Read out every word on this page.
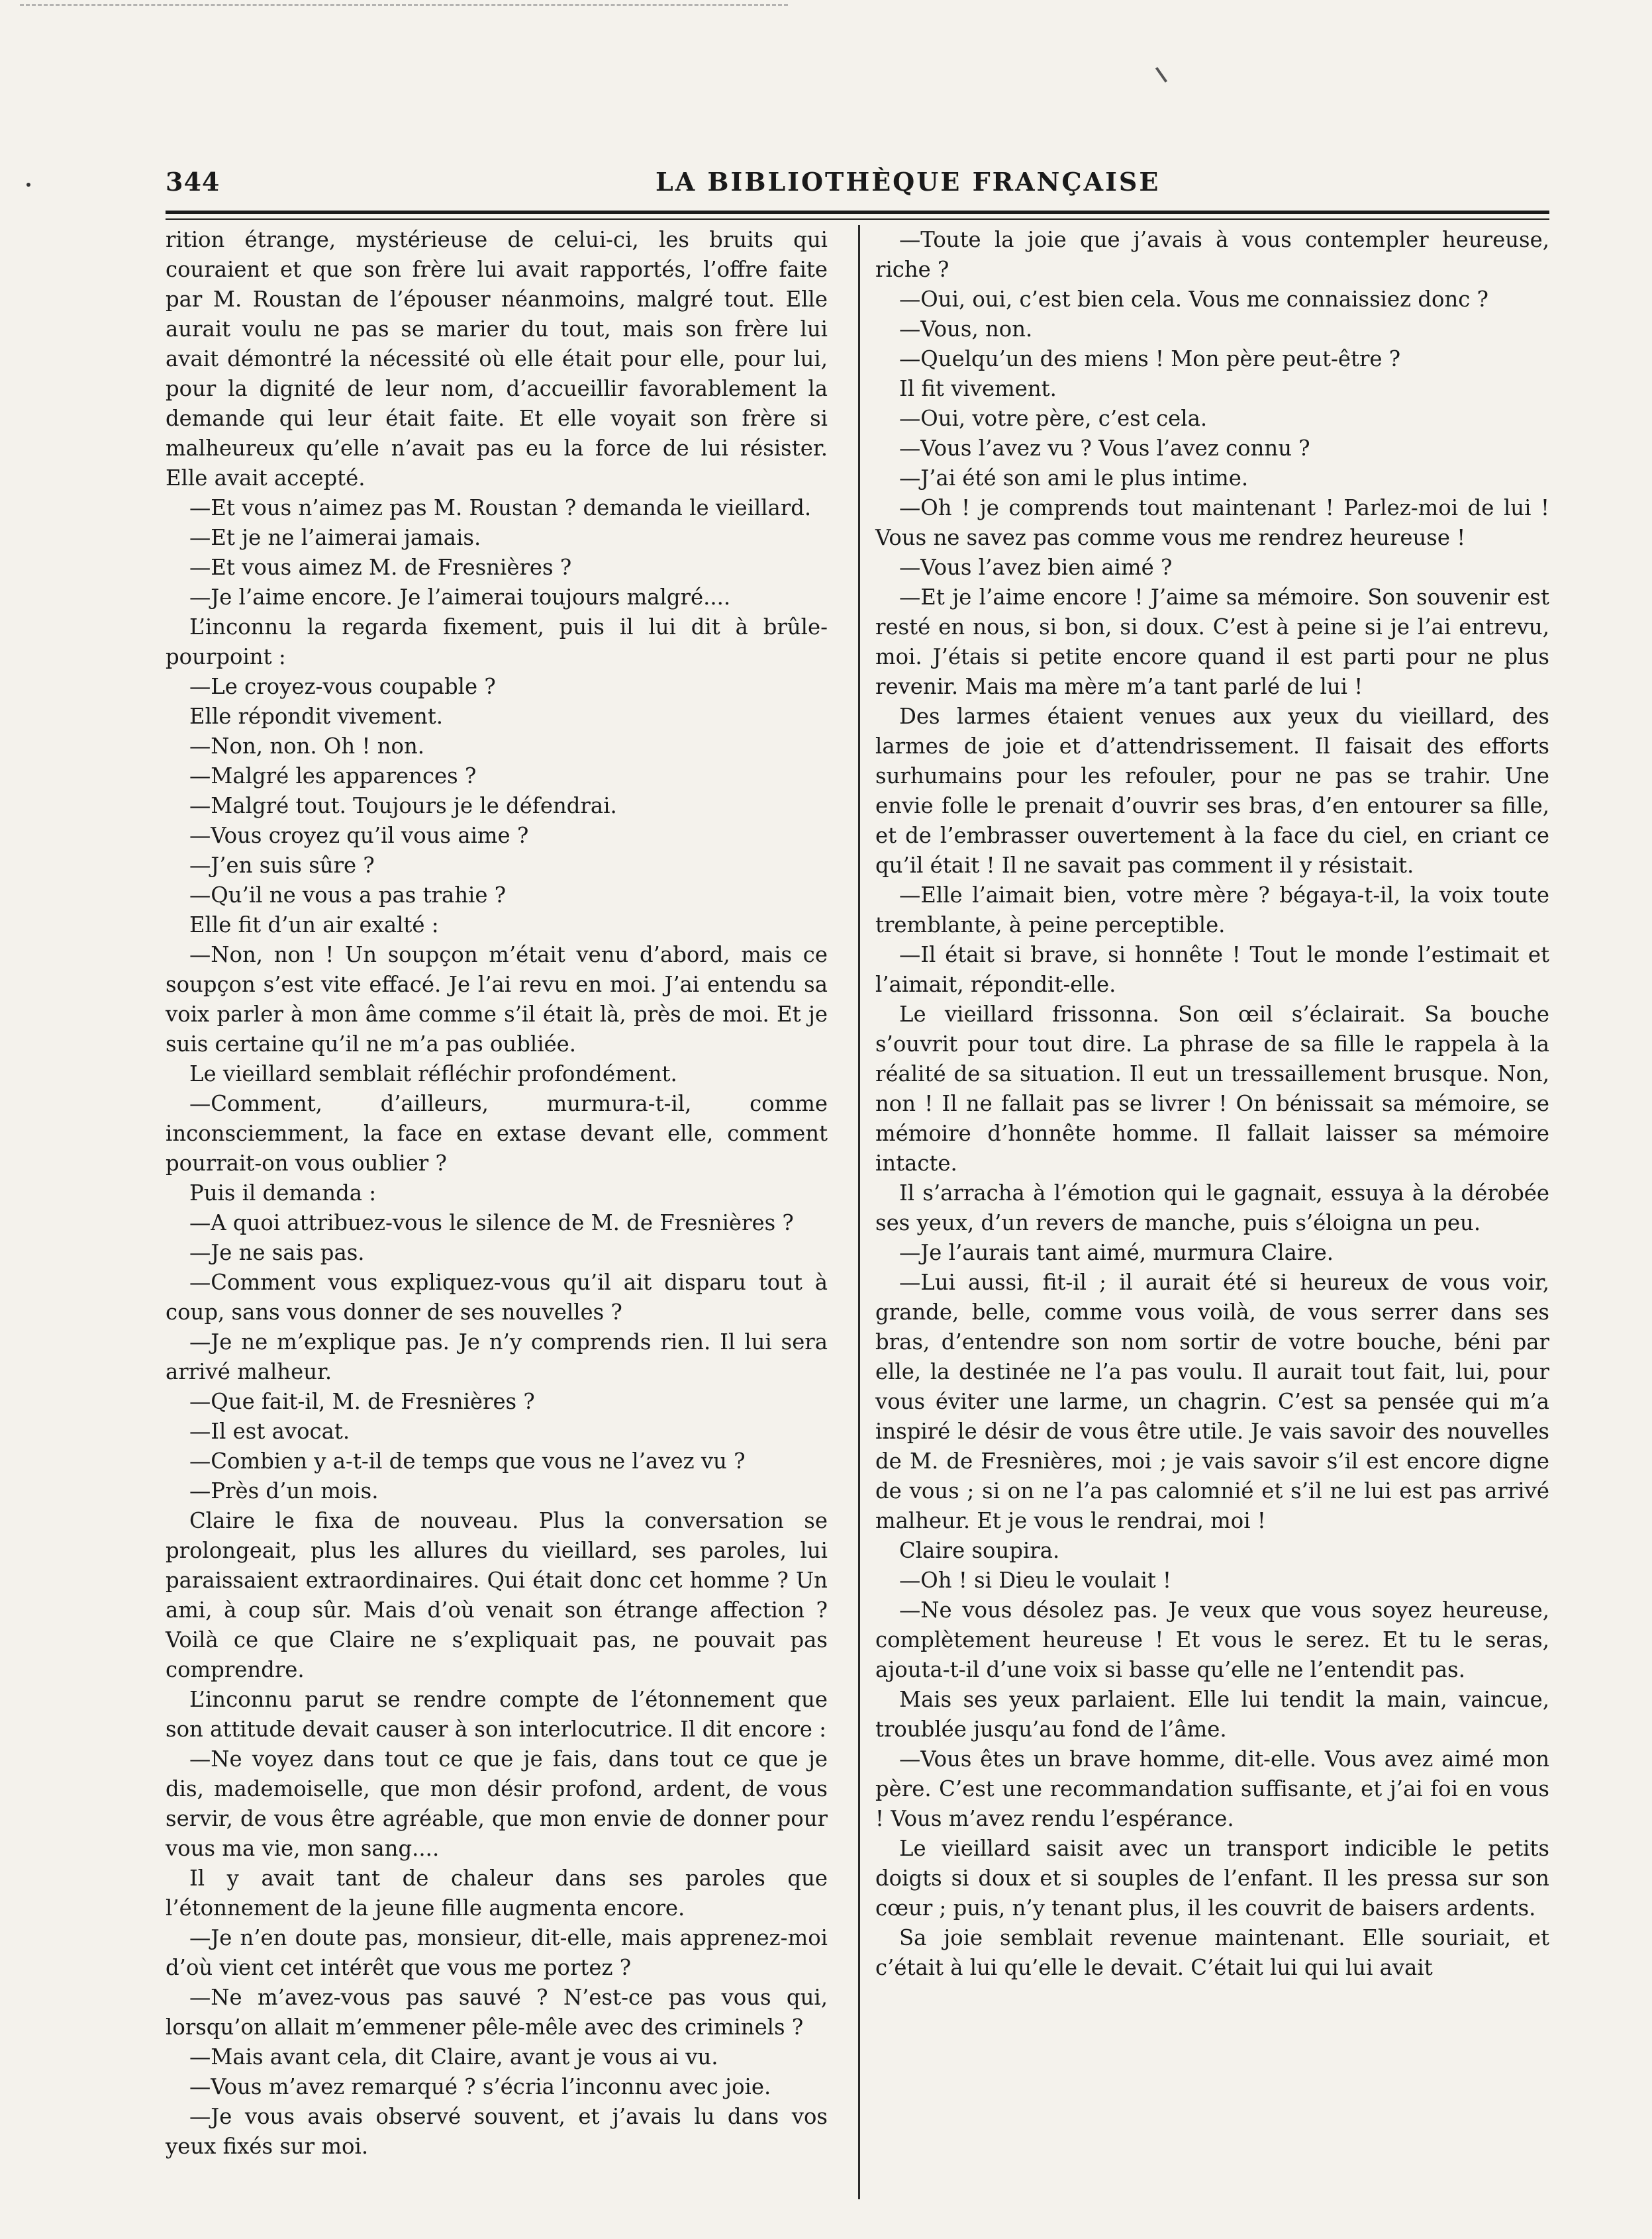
344	LA BIBLIOTHÈQUE FRANÇAISE

rition étrange, mystérieuse de celui-ci, les bruits qui couraient et que son frère lui avait rapportés, l’offre faite par M. Roustan de l’épouser néanmoins, malgré tout. Elle aurait voulu ne pas se marier du tout, mais son frère lui avait démontré la nécessité où elle était pour elle, pour lui, pour la dignité de leur nom, d’accueillir favorablement la demande qui leur était faite. Et elle voyait son frère si malheureux qu’elle n’avait pas eu la force de lui résister. Elle avait accepté.

—Et vous n’aimez pas M. Roustan ? demanda le vieillard.

—Et je ne l’aimerai jamais.

—Et vous aimez M. de Fresnières ?

—Je l’aime encore. Je l’aimerai toujours malgré....

L’inconnu la regarda fixement, puis il lui dit à brûle-pourpoint :

—Le croyez-vous coupable ?

Elle répondit vivement.

—Non, non. Oh ! non.

—Malgré les apparences ?

—Malgré tout. Toujours je le défendrai.

—Vous croyez qu’il vous aime ?

—J’en suis sûre ?

—Qu’il ne vous a pas trahie ?

Elle fit d’un air exalté :

—Non, non ! Un soupçon m’était venu d’abord, mais ce soupçon s’est vite effacé. Je l’ai revu en moi. J’ai entendu sa voix parler à mon âme comme s’il était là, près de moi. Et je suis certaine qu’il ne m’a pas oubliée.

Le vieillard semblait réfléchir profondément.

—Comment, d’ailleurs, murmura-t-il, comme inconsciemment, la face en extase devant elle, comment pourrait-on vous oublier ?

Puis il demanda :

—A quoi attribuez-vous le silence de M. de Fresnières ?

—Je ne sais pas.

—Comment vous expliquez-vous qu’il ait disparu tout à coup, sans vous donner de ses nouvelles ?

—Je ne m’explique pas. Je n’y comprends rien. Il lui sera arrivé malheur.

—Que fait-il, M. de Fresnières ?

—Il est avocat.

—Combien y a-t-il de temps que vous ne l’avez vu ?

—Près d’un mois.

Claire le fixa de nouveau. Plus la conversation se prolongeait, plus les allures du vieillard, ses paroles, lui paraissaient extraordinaires. Qui était donc cet homme ? Un ami, à coup sûr. Mais d’où venait son étrange affection ? Voilà ce que Claire ne s’expliquait pas, ne pouvait pas comprendre.

L’inconnu parut se rendre compte de l’étonnement que son attitude devait causer à son interlocutrice. Il dit encore :

—Ne voyez dans tout ce que je fais, dans tout ce que je dis, mademoiselle, que mon désir profond, ardent, de vous servir, de vous être agréable, que mon envie de donner pour vous ma vie, mon sang....

Il y avait tant de chaleur dans ses paroles que l’étonnement de la jeune fille augmenta encore.

—Je n’en doute pas, monsieur, dit-elle, mais apprenez-moi d’où vient cet intérêt que vous me portez ?

—Ne m’avez-vous pas sauvé ? N’est-ce pas vous qui, lorsqu’on allait m’emmener pêle-mêle avec des criminels ?

—Mais avant cela, dit Claire, avant je vous ai vu.

—Vous m’avez remarqué ? s’écria l’inconnu avec joie.

—Je vous avais observé souvent, et j’avais lu dans vos yeux fixés sur moi.

—Toute la joie que j’avais à vous contempler heureuse, riche ?

—Oui, oui, c’est bien cela. Vous me connaissiez donc ?

—Vous, non.

—Quelqu’un des miens ! Mon père peut-être ?

Il fit vivement.

—Oui, votre père, c’est cela.

—Vous l’avez vu ? Vous l’avez connu ?

—J’ai été son ami le plus intime.

—Oh ! je comprends tout maintenant ! Parlez-moi de lui ! Vous ne savez pas comme vous me rendrez heureuse !

—Vous l’avez bien aimé ?

—Et je l’aime encore ! J’aime sa mémoire. Son souvenir est resté en nous, si bon, si doux. C’est à peine si je l’ai entrevu, moi. J’étais si petite encore quand il est parti pour ne plus revenir. Mais ma mère m’a tant parlé de lui !

Des larmes étaient venues aux yeux du vieillard, des larmes de joie et d’attendrissement. Il faisait des efforts surhumains pour les refouler, pour ne pas se trahir. Une envie folle le prenait d’ouvrir ses bras, d’en entourer sa fille, et de l’embrasser ouvertement à la face du ciel, en criant ce qu’il était ! Il ne savait pas comment il y résistait.

—Elle l’aimait bien, votre mère ? bégaya-t-il, la voix toute tremblante, à peine perceptible.

—Il était si brave, si honnête ! Tout le monde l’estimait et l’aimait, répondit-elle.

Le vieillard frissonna. Son œil s’éclairait. Sa bouche s’ouvrit pour tout dire. La phrase de sa fille le rappela à la réalité de sa situation. Il eut un tressaillement brusque. Non, non ! Il ne fallait pas se livrer ! On bénissait sa mémoire, se mémoire d’honnête homme. Il fallait laisser sa mémoire intacte.

Il s’arracha à l’émotion qui le gagnait, essuya à la dérobée ses yeux, d’un revers de manche, puis s’éloigna un peu.

—Je l’aurais tant aimé, murmura Claire.

—Lui aussi, fit-il ; il aurait été si heureux de vous voir, grande, belle, comme vous voilà, de vous serrer dans ses bras, d’entendre son nom sortir de votre bouche, béni par elle, la destinée ne l’a pas voulu. Il aurait tout fait, lui, pour vous éviter une larme, un chagrin. C’est sa pensée qui m’a inspiré le désir de vous être utile. Je vais savoir des nouvelles de M. de Fresnières, moi ; je vais savoir s’il est encore digne de vous ; si on ne l’a pas calomnié et s’il ne lui est pas arrivé malheur. Et je vous le rendrai, moi !

Claire soupira.

—Oh ! si Dieu le voulait !

—Ne vous désolez pas. Je veux que vous soyez heureuse, complètement heureuse ! Et vous le serez. Et tu le seras, ajouta-t-il d’une voix si basse qu’elle ne l’entendit pas.

Mais ses yeux parlaient. Elle lui tendit la main, vaincue, troublée jusqu’au fond de l’âme.

—Vous êtes un brave homme, dit-elle. Vous avez aimé mon père. C’est une recommandation suffisante, et j’ai foi en vous ! Vous m’avez rendu l’espérance.

Le vieillard saisit avec un transport indicible le petits doigts si doux et si souples de l’enfant. Il les pressa sur son cœur ; puis, n’y tenant plus, il les couvrit de baisers ardents.

Sa joie semblait revenue maintenant. Elle souriait, et c’était à lui qu’elle le devait. C’était lui qui lui avait
